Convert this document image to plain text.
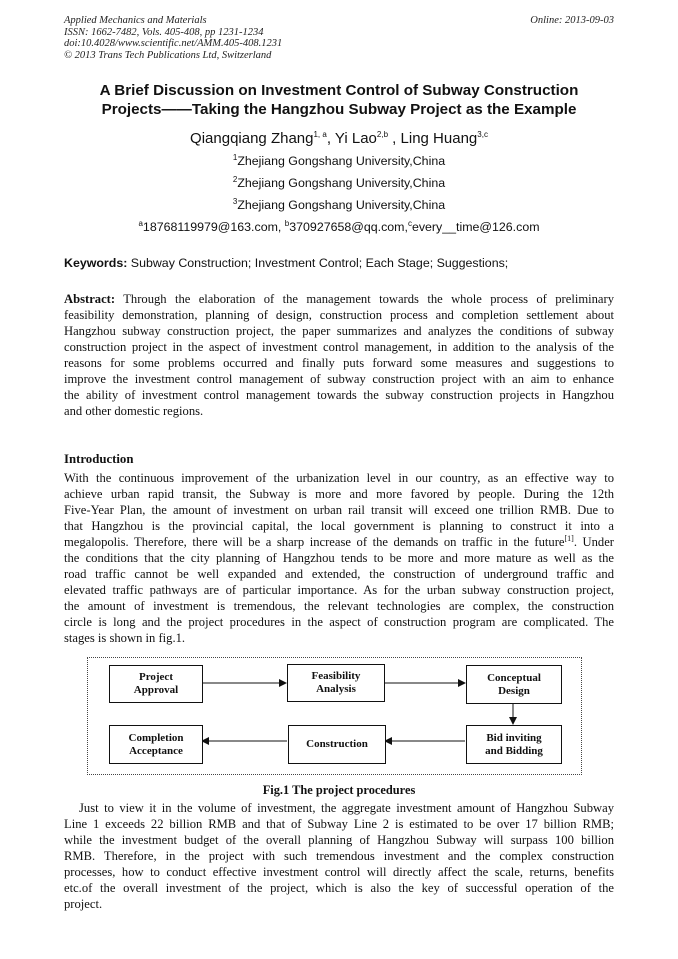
Applied Mechanics and Materials
ISSN: 1662-7482, Vols. 405-408, pp 1231-1234
doi:10.4028/www.scientific.net/AMM.405-408.1231
© 2013 Trans Tech Publications Ltd, Switzerland
Online: 2013-09-03
A Brief Discussion on Investment Control of Subway Construction
Projects——Taking the Hangzhou Subway Project as the Example
Qiangqiang Zhang$^{1, a}$, Yi Lao$^{2,b}$ , Ling Huang$^{3,c}$
$^1$Zhejiang Gongshang University,China
$^2$Zhejiang Gongshang University,China
$^3$Zhejiang Gongshang University,China
$^a$18768119979@163.com, $^b$370927658@qq.com,$^c$every__time@126.com
Keywords: Subway Construction; Investment Control; Each Stage; Suggestions;
Abstract: Through the elaboration of the management towards the whole process of preliminary
feasibility demonstration, planning of design, construction process and completion settlement about
Hangzhou subway construction project, the paper summarizes and analyzes the conditions of subway
construction project in the aspect of investment control management, in addition to the analysis of the
reasons for some problems occurred and finally puts forward some measures and suggestions to
improve the investment control management of subway construction project with an aim to enhance
the ability of investment control management towards the subway construction projects in Hangzhou
and other domestic regions.
Introduction
With the continuous improvement of the urbanization level in our country, as an effective way to
achieve urban rapid transit, the Subway is more and more favored by people. During the 12th
Five-Year Plan, the amount of investment on urban rail transit will exceed one trillion RMB. Due to
that Hangzhou is the provincial capital, the local government is planning to construct it into a
megalopolis. Therefore, there will be a sharp increase of the demands on traffic in the future[1]. Under
the conditions that the city planning of Hangzhou tends to be more and more mature as well as the
road traffic cannot be well expanded and extended, the construction of underground traffic and
elevated traffic pathways are of particular importance. As for the urban subway construction project,
the amount of investment is tremendous, the relevant technologies are complex, the construction
circle is long and the project procedures in the aspect of construction program are complicated. The
stages is shown in fig.1.
Project
Approval
Feasibility
Analysis
Conceptual
Design
Bid inviting
and Bidding
Construction
Completion
Acceptance
Fig.1 The project procedures
Just to view it in the volume of investment, the aggregate investment amount of Hangzhou Subway
Line 1 exceeds 22 billion RMB and that of Subway Line 2 is estimated to be over 17 billion RMB;
while the investment budget of the overall planning of Hangzhou Subway will surpass 100 billion
RMB. Therefore, in the project with such tremendous investment and the complex construction
processes, how to conduct effective investment control will directly affect the scale, returns, benefits
etc.of the overall investment of the project, which is also the key of successful operation of the
project.
